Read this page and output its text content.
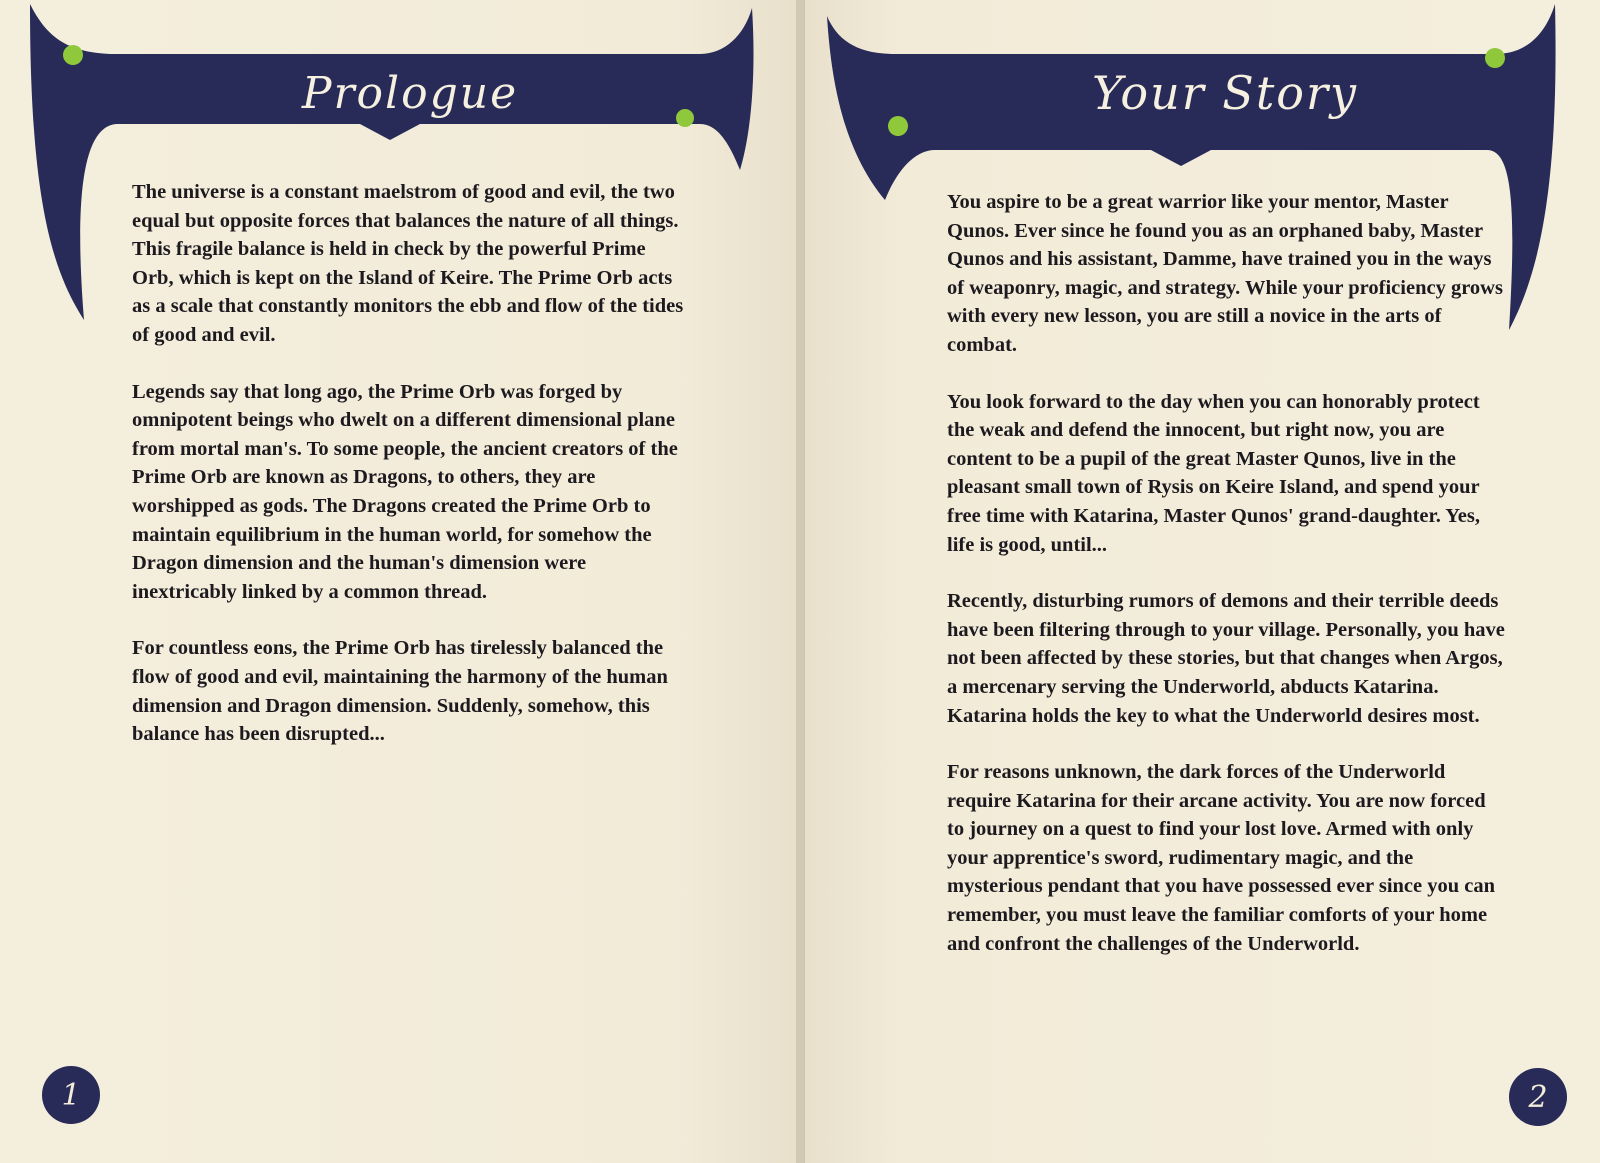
Prologue

The universe is a constant maelstrom of good and evil, the two equal but opposite forces that balances the nature of all things. This fragile balance is held in check by the powerful Prime Orb, which is kept on the Island of Keire. The Prime Orb acts as a scale that constantly monitors the ebb and flow of the tides of good and evil.

Legends say that long ago, the Prime Orb was forged by omnipotent beings who dwelt on a different dimensional plane from mortal man's. To some people, the ancient creators of the Prime Orb are known as Dragons, to others, they are worshipped as gods. The Dragons created the Prime Orb to maintain equilibrium in the human world, for somehow the Dragon dimension and the human's dimension were inextricably linked by a common thread.

For countless eons, the Prime Orb has tirelessly balanced the flow of good and evil, maintaining the harmony of the human dimension and Dragon dimension. Suddenly, somehow, this balance has been disrupted...

1
Your Story

You aspire to be a great warrior like your mentor, Master Qunos. Ever since he found you as an orphaned baby, Master Qunos and his assistant, Damme, have trained you in the ways of weaponry, magic, and strategy. While your proficiency grows with every new lesson, you are still a novice in the arts of combat.

You look forward to the day when you can honorably protect the weak and defend the innocent, but right now, you are content to be a pupil of the great Master Qunos, live in the pleasant small town of Rysis on Keire Island, and spend your free time with Katarina, Master Qunos' grand-daughter. Yes, life is good, until...

Recently, disturbing rumors of demons and their terrible deeds have been filtering through to your village. Personally, you have not been affected by these stories, but that changes when Argos, a mercenary serving the Underworld, abducts Katarina. Katarina holds the key to what the Underworld desires most.

For reasons unknown, the dark forces of the Underworld require Katarina for their arcane activity. You are now forced to journey on a quest to find your lost love. Armed with only your apprentice's sword, rudimentary magic, and the mysterious pendant that you have possessed ever since you can remember, you must leave the familiar comforts of your home and confront the challenges of the Underworld.

2
